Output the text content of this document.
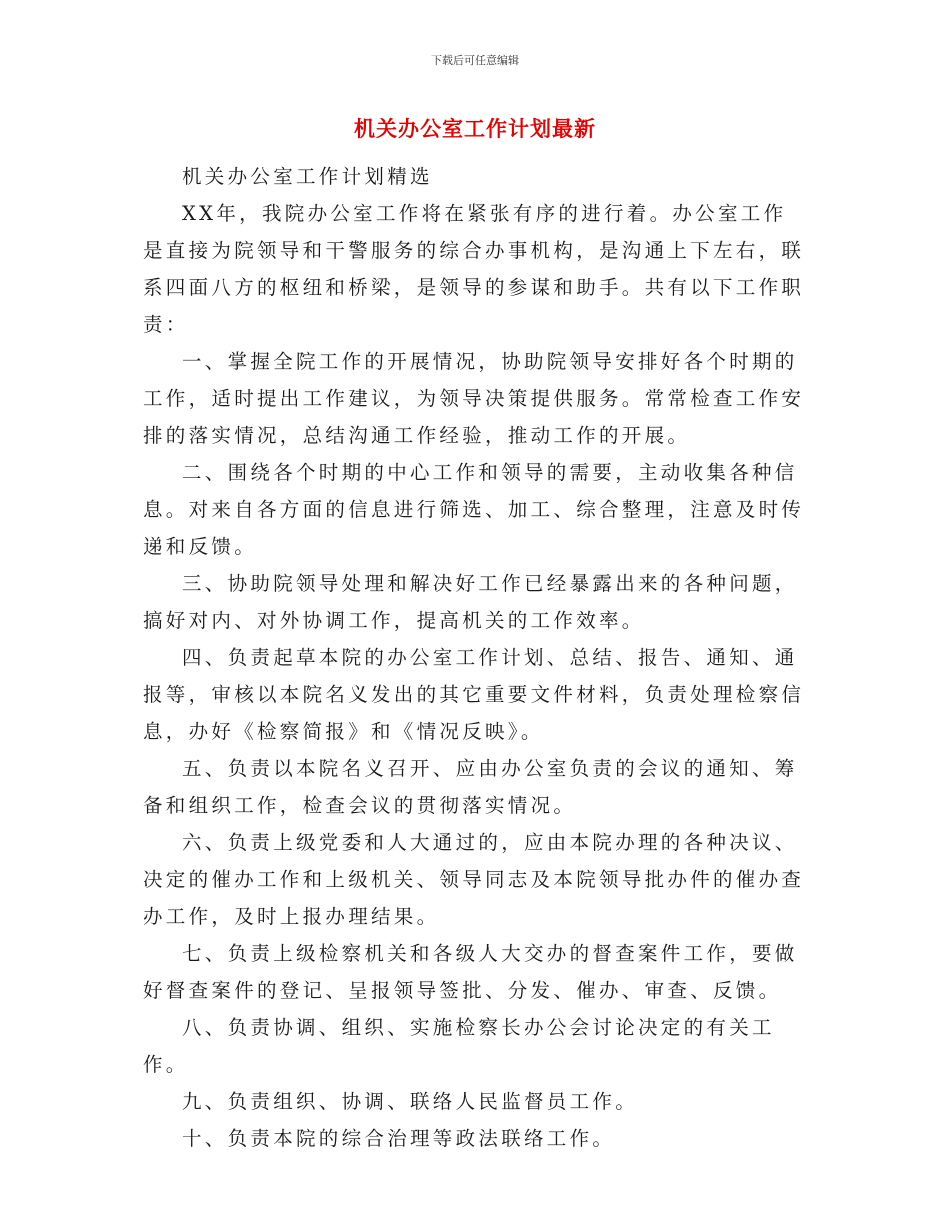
下载后可任意编辑
机关办公室工作计划最新

机关办公室工作计划精选

XX年，我院办公室工作将在紧张有序的进行着。办公室工作是直接为院领导和干警服务的综合办事机构，是沟通上下左右，联系四面八方的枢纽和桥梁，是领导的参谋和助手。共有以下工作职责：

一、掌握全院工作的开展情况，协助院领导安排好各个时期的工作，适时提出工作建议，为领导决策提供服务。常常检查工作安排的落实情况，总结沟通工作经验，推动工作的开展。

二、围绕各个时期的中心工作和领导的需要，主动收集各种信息。对来自各方面的信息进行筛选、加工、综合整理，注意及时传递和反馈。

三、协助院领导处理和解决好工作已经暴露出来的各种问题，搞好对内、对外协调工作，提高机关的工作效率。

四、负责起草本院的办公室工作计划、总结、报告、通知、通报等，审核以本院名义发出的其它重要文件材料，负责处理检察信息，办好《检察简报》和《情况反映》。

五、负责以本院名义召开、应由办公室负责的会议的通知、筹备和组织工作，检查会议的贯彻落实情况。

六、负责上级党委和人大通过的，应由本院办理的各种决议、决定的催办工作和上级机关、领导同志及本院领导批办件的催办查办工作，及时上报办理结果。

七、负责上级检察机关和各级人大交办的督查案件工作，要做好督查案件的登记、呈报领导签批、分发、催办、审查、反馈。

八、负责协调、组织、实施检察长办公会讨论决定的有关工作。

九、负责组织、协调、联络人民监督员工作。

十、负责本院的综合治理等政法联络工作。
